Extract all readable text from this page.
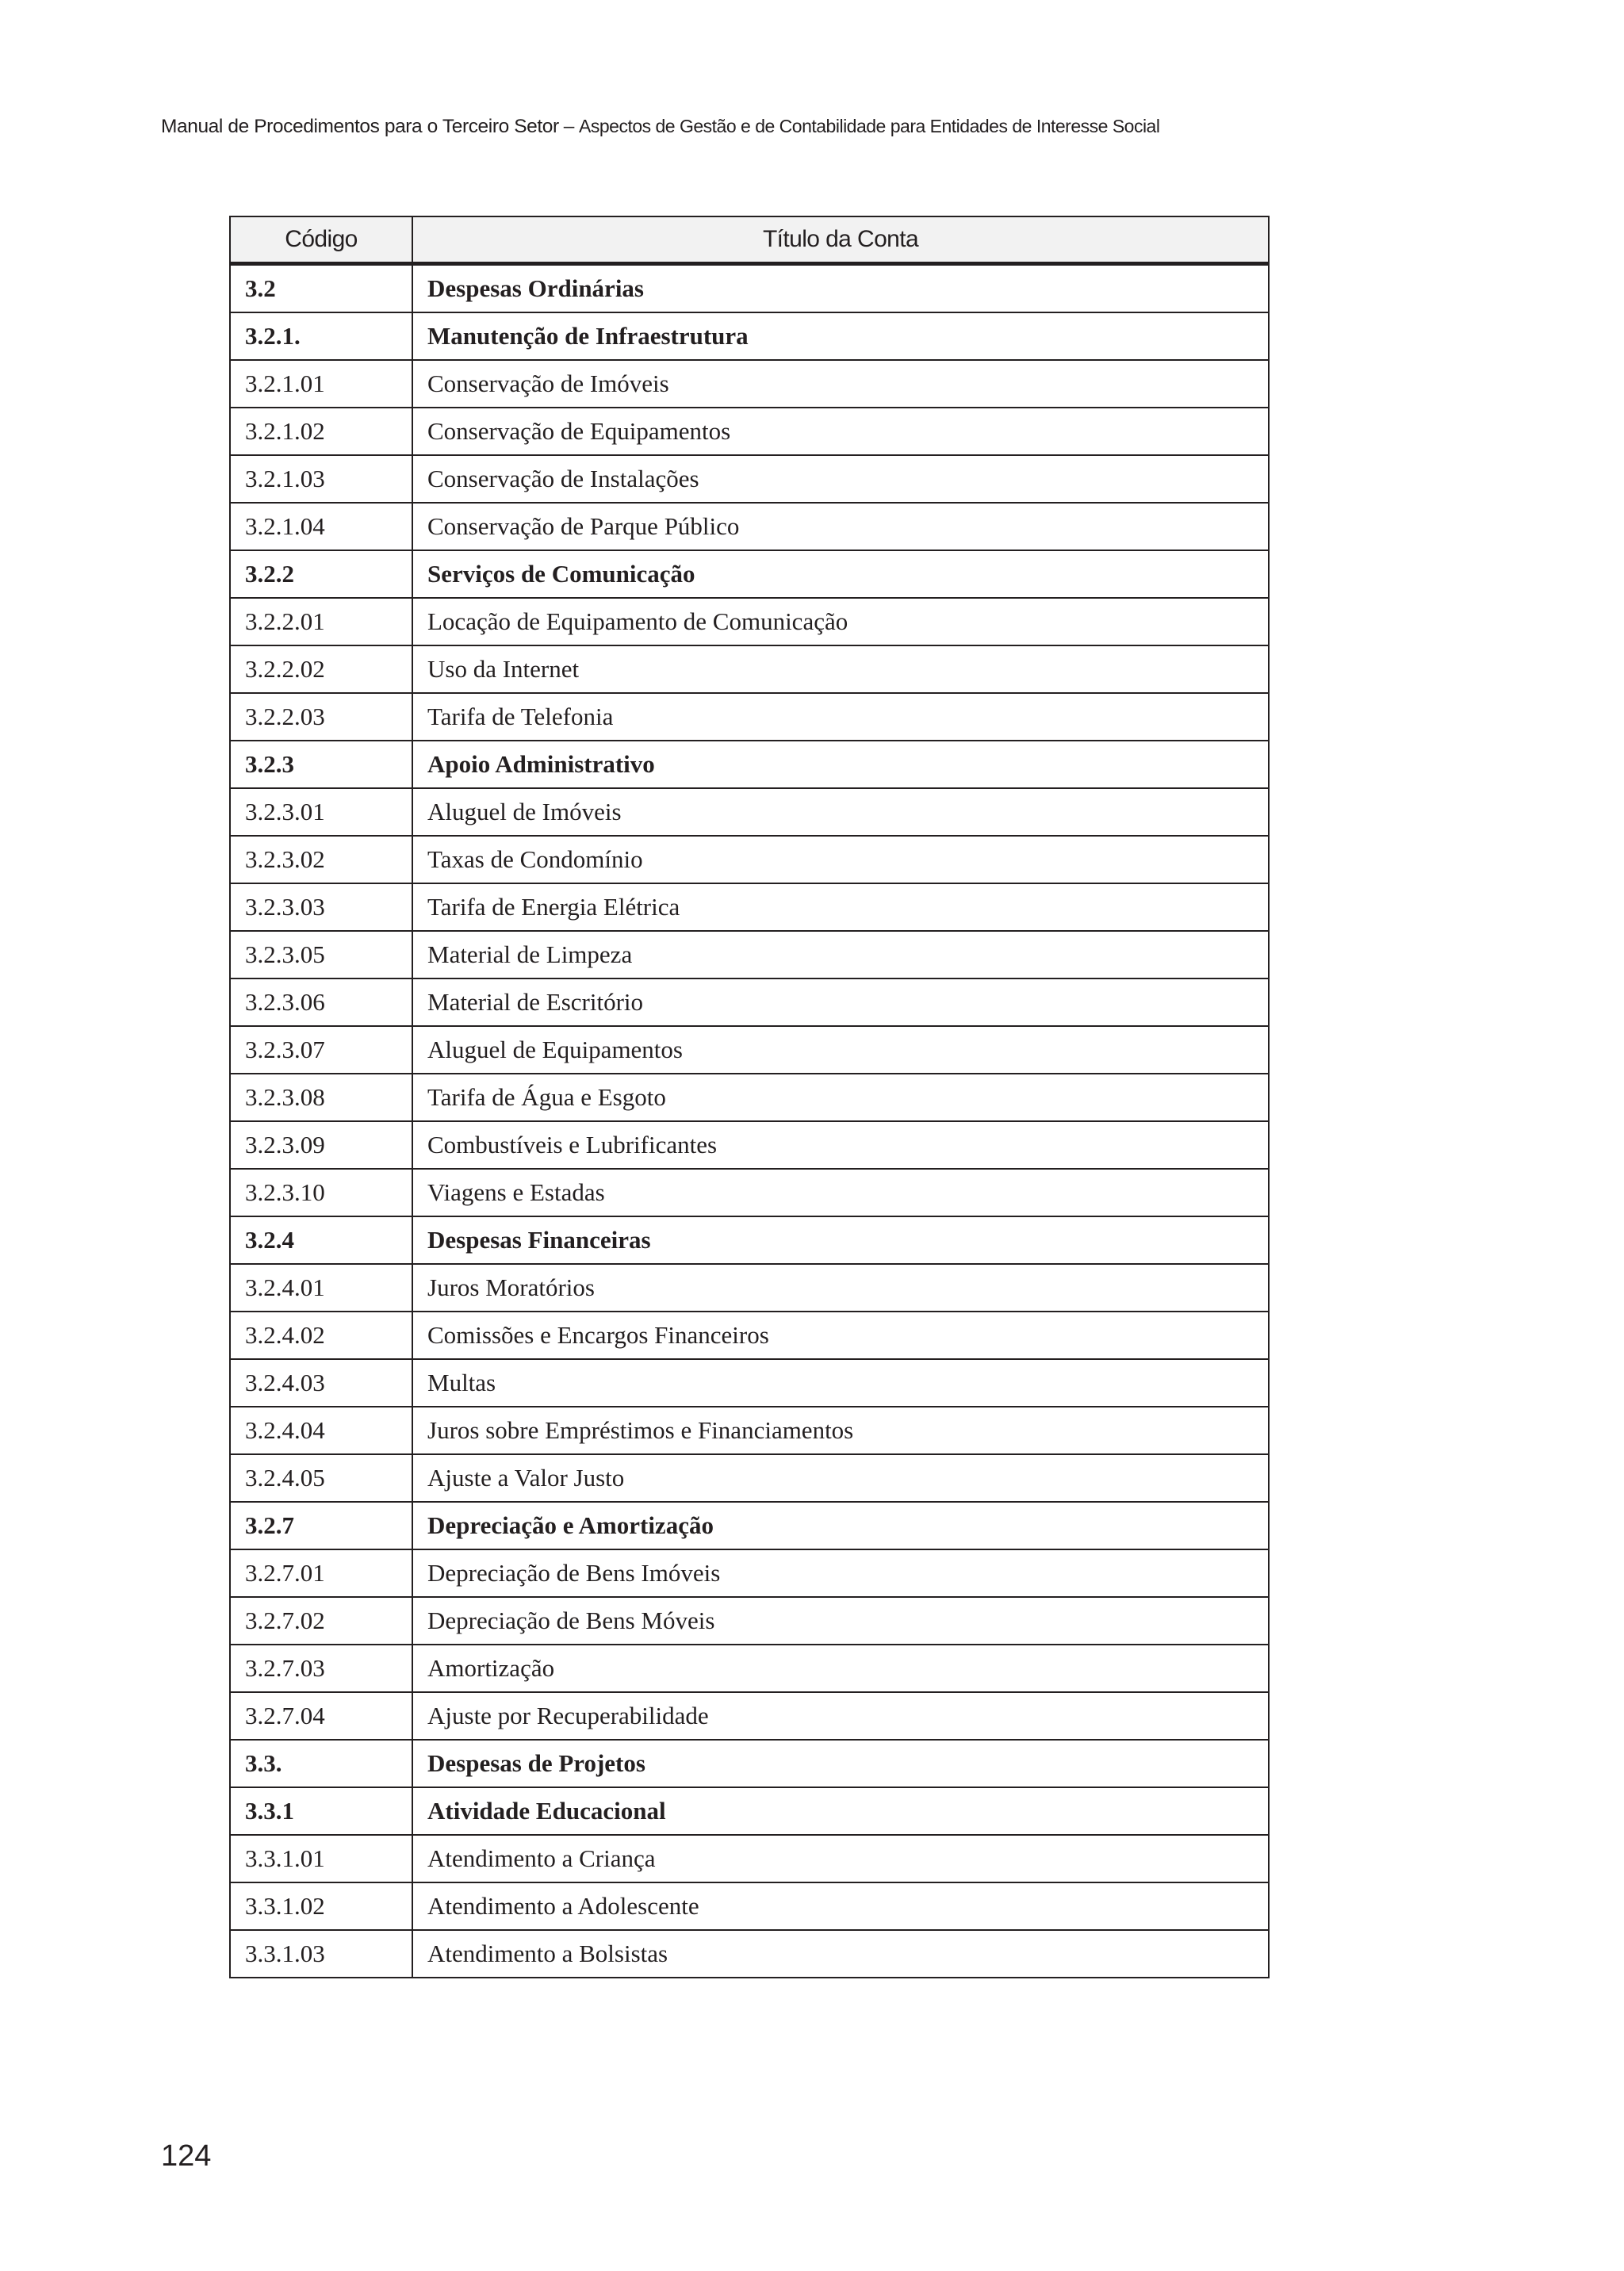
Manual de Procedimentos para o Terceiro Setor – Aspectos de Gestão e de Contabilidade para Entidades de Interesse Social
Código	Título da Conta
3.2	Despesas Ordinárias
3.2.1.	Manutenção de Infraestrutura
3.2.1.01	Conservação de Imóveis
3.2.1.02	Conservação de Equipamentos
3.2.1.03	Conservação de Instalações
3.2.1.04	Conservação de Parque Público
3.2.2	Serviços de Comunicação
3.2.2.01	Locação de Equipamento de Comunicação
3.2.2.02	Uso da Internet
3.2.2.03	Tarifa de Telefonia
3.2.3	Apoio Administrativo
3.2.3.01	Aluguel de Imóveis
3.2.3.02	Taxas de Condomínio
3.2.3.03	Tarifa de Energia Elétrica
3.2.3.05	Material de Limpeza
3.2.3.06	Material de Escritório
3.2.3.07	Aluguel de Equipamentos
3.2.3.08	Tarifa de Água e Esgoto
3.2.3.09	Combustíveis e Lubrificantes
3.2.3.10	Viagens e Estadas
3.2.4	Despesas Financeiras
3.2.4.01	Juros Moratórios
3.2.4.02	Comissões e Encargos Financeiros
3.2.4.03	Multas
3.2.4.04	Juros sobre Empréstimos e Financiamentos
3.2.4.05	Ajuste a Valor Justo
3.2.7	Depreciação e Amortização
3.2.7.01	Depreciação de Bens Imóveis
3.2.7.02	Depreciação de Bens Móveis
3.2.7.03	Amortização
3.2.7.04	Ajuste por Recuperabilidade
3.3.	Despesas de Projetos
3.3.1	Atividade Educacional
3.3.1.01	Atendimento a Criança
3.3.1.02	Atendimento a Adolescente
3.3.1.03	Atendimento a Bolsistas
124
